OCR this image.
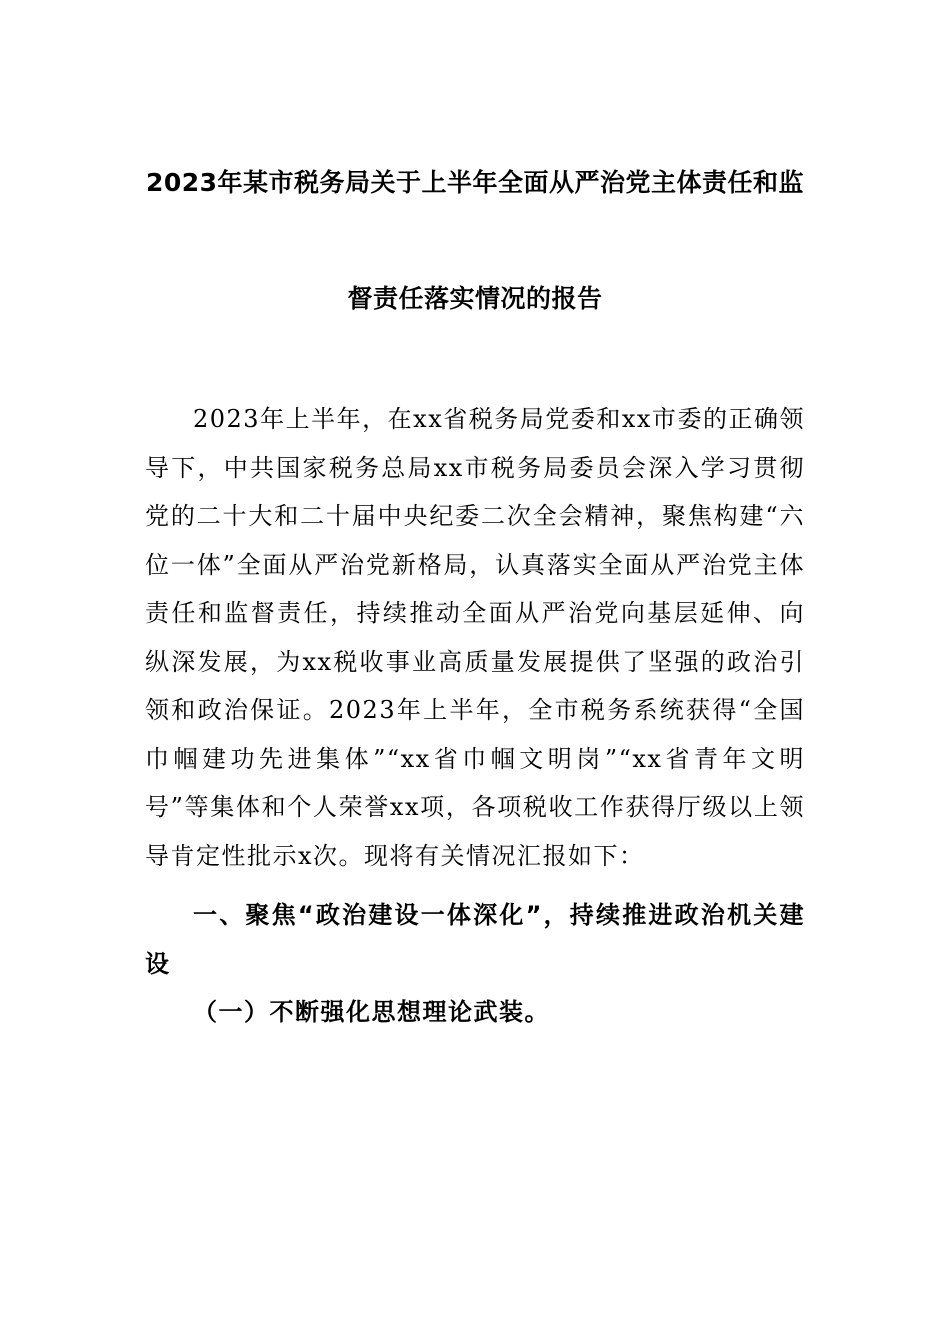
2023年某市税务局关于上半年全面从严治党主体责任和监
督责任落实情况的报告

2023年上半年，在xx省税务局党委和xx市委的正确领导下，中共国家税务总局xx市税务局委员会深入学习贯彻党的二十大和二十届中央纪委二次全会精神，聚焦构建“六位一体”全面从严治党新格局，认真落实全面从严治党主体责任和监督责任，持续推动全面从严治党向基层延伸、向纵深发展，为xx税收事业高质量发展提供了坚强的政治引领和政治保证。2023年上半年，全市税务系统获得“全国巾帼建功先进集体”“xx省巾帼文明岗”“xx省青年文明号”等集体和个人荣誉xx项，各项税收工作获得厅级以上领导肯定性批示x次。现将有关情况汇报如下：

一、聚焦“政治建设一体深化”，持续推进政治机关建设
（一）不断强化思想理论武装。
